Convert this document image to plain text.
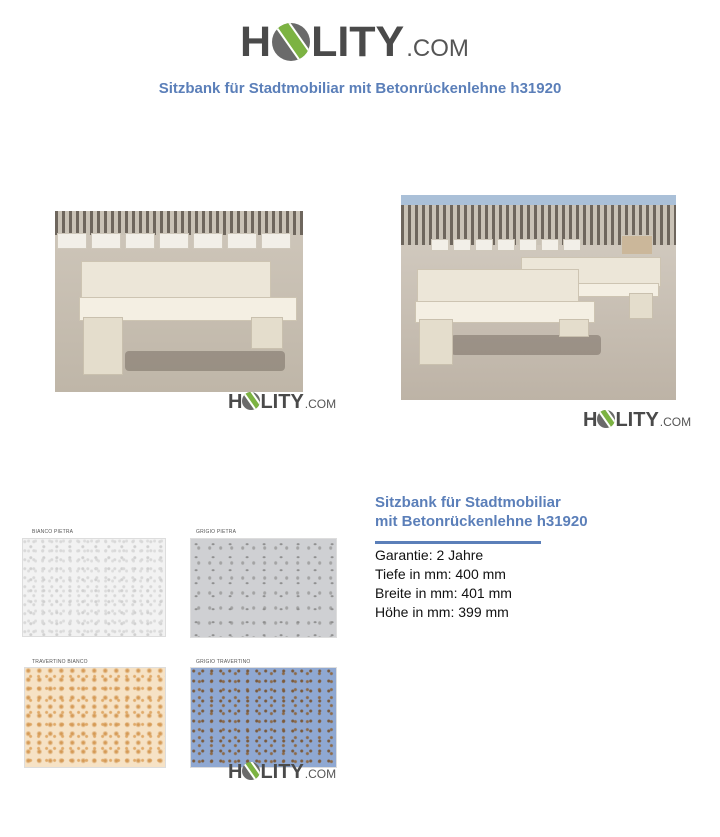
H LITY .COM
Sitzbank für Stadtmobiliar mit Betonrückenlehne h31920
H LITY .COM
H LITY .COM
BIANCO PIETRA	GRIGIO PIETRA
TRAVERTINO BIANCO	GRIGIO TRAVERTINO
H LITY .COM
Sitzbank für Stadtmobiliar
mit Betonrückenlehne h31920
Garantie: 2 Jahre
Tiefe in mm: 400 mm
Breite in mm: 401 mm
Höhe in mm: 399 mm
